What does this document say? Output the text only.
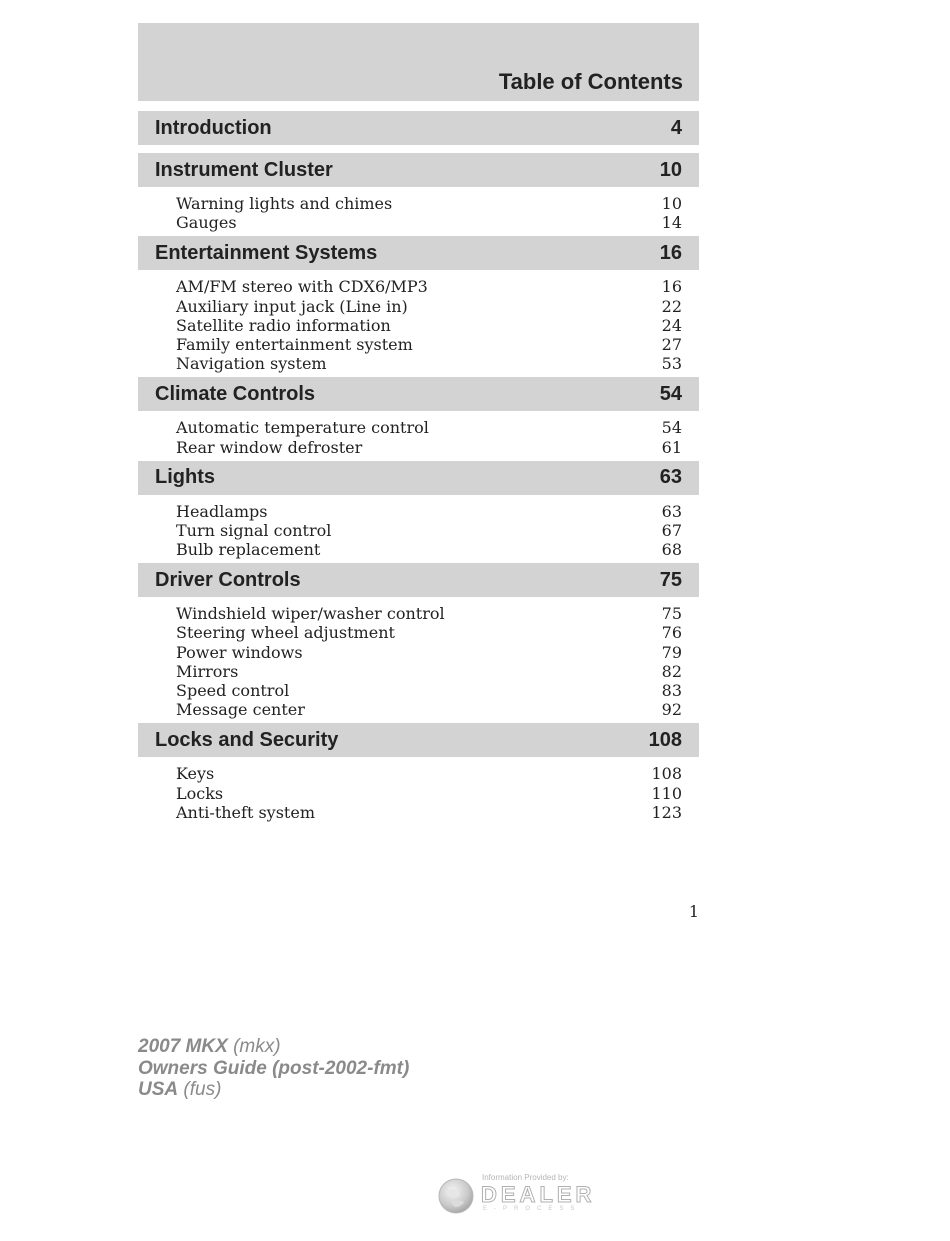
Table of Contents
Introduction	4
Instrument Cluster	10
Warning lights and chimes	10
Gauges	14
Entertainment Systems	16
AM/FM stereo with CDX6/MP3	16
Auxiliary input jack (Line in)	22
Satellite radio information	24
Family entertainment system	27
Navigation system	53
Climate Controls	54
Automatic temperature control	54
Rear window defroster	61
Lights	63
Headlamps	63
Turn signal control	67
Bulb replacement	68
Driver Controls	75
Windshield wiper/washer control	75
Steering wheel adjustment	76
Power windows	79
Mirrors	82
Speed control	83
Message center	92
Locks and Security	108
Keys	108
Locks	110
Anti-theft system	123
1
2007 MKX (mkx)
Owners Guide (post-2002-fmt)
USA (fus)
Information Provided by:
DEALER
E-PROCESS
